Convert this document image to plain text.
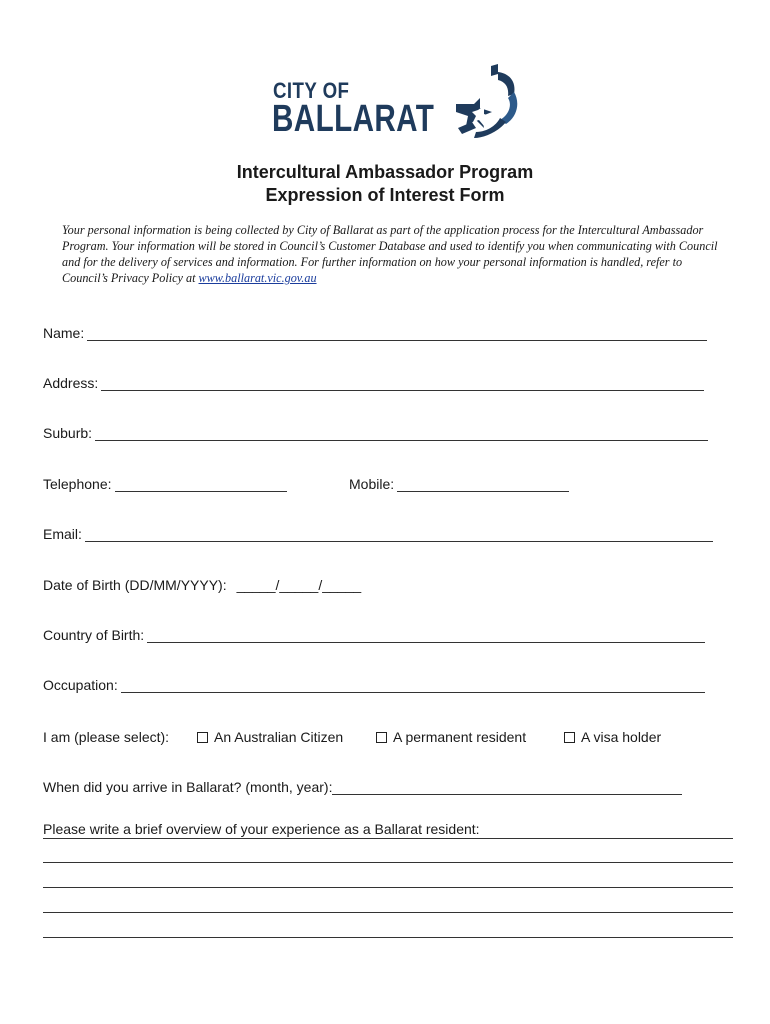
CITY OF
BALLARAT
Intercultural Ambassador Program
Expression of Interest Form
Your personal information is being collected by City of Ballarat as part of the application process for the Intercultural Ambassador Program. Your information will be stored in Council’s Customer Database and used to identify you when communicating with Council and for the delivery of services and information. For further information on how your personal information is handled, refer to Council’s Privacy Policy at www.ballarat.vic.gov.au
Name:
Address:
Suburb:
Telephone:	Mobile:
Email:
Date of Birth (DD/MM/YYYY): _____/_____/_____
Country of Birth:
Occupation:
I am (please select):	An Australian Citizen	A permanent resident	A visa holder
When did you arrive in Ballarat? (month, year):
Please write a brief overview of your experience as a Ballarat resident:
